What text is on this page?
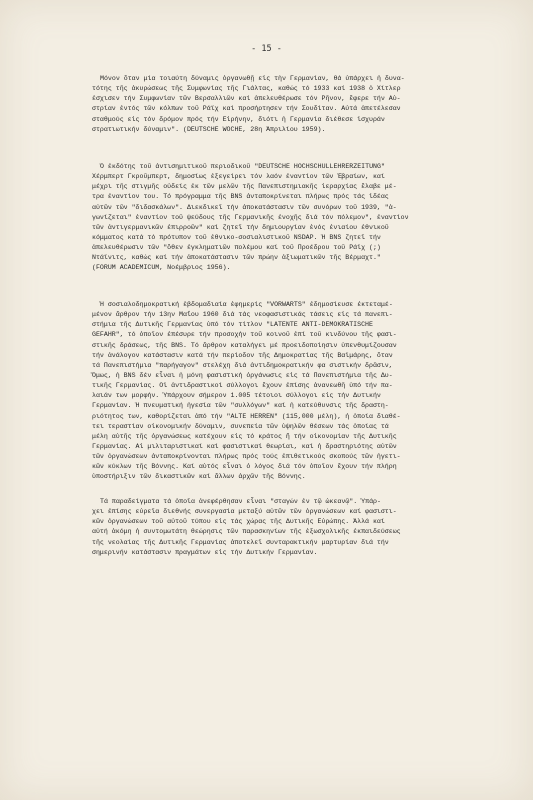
- 15 -
Μόνον ὅταν μία τοιαύτη δύναμις ὀργανωθῇ εἰς τὴν Γερμανίαν, θά ὑπάρχει ἡ δυνα-
τότης τῆς ἀκυρώσεως τῆς Συμφωνίας τῆς Γιάλτας, καθώς τό 1933 καί 1938 ὁ Χίτλερ
ἐσχισεν τήν Συμφωνίαν τῶν Βερσαλλιῶν καί ἀπελευθέρωσε τόν Ρῆνον, ἔφερε τήν Αὐ-
στρίαν ἐντός τῶν κόλπων τοῦ Ράϊχ καί προσήρτησεν τήν Σουδίταν. Αὐτά ἀπετέλεσαν
σταθμούς εἰς τόν δρόμον πρός τήν Εἰρήνην, διότι ἡ Γερμανία διέθεσε ἰσχυράν
στρατιωτικήν δύναμιν". (DEUTSCHE WOCHE, 28η Ἀπριλίου 1959).
Ὁ ἐκδότης τοῦ ἀντισημιτικοῦ περιοδικοῦ "DEUTSCHE HOCHSCHULLEHRERZEITUNG"
Χέρμπερτ Γκροῦμπερτ, δημοσίως ἐξεγείρει τόν λαόν ἐναντίον τῶν Ἑβραίων, καί
μέχρι τῆς στιγμῆς οὐδείς ἐκ τῶν μελῶν τῆς Πανεπιστημιακῆς ἱεραρχίας ἔλαβε μέ-
τρα ἐναντίον του. Τό πρόγραμμα τῆς BNS ἀνταποκρίνεται πλήρως πρός τάς ἰδέας
αὐτῶν τῶν "διδασκάλων". Διεκδικεῖ τήν ἀποκατάστασιν τῶν συνόρων τοῦ 1939, "ἀ-
γωνίζεται" ἐναντίον τοῦ ψεύδους τῆς Γερμανικῆς ἐνοχῆς διά τόν πόλεμον", ἐναντίον
τῶν ἀντιγερμανικῶν ἐπιρροῶν" καί ζητεῖ τήν δημιουργίαν ἑνός ἑνιαίου ἐθνικοῦ
κόμματος κατά τό πρότυπον τοῦ ἐθνικο-σοσιαλιστικοῦ NSDAP. Ἡ BNS ζητεῖ τήν
ἀπελευθέρωσιν τῶν "ὅθεν ἐγκληματιῶν πολέμου καί τοῦ Προέδρου τοῦ Ράϊχ (;)
Ντάϊνιτς, καθώς καί τήν ἀποκατάστασιν τῶν πρώην ἀξιωματικῶν τῆς Βέρμαχτ."
(FORUM ACADEMICUM, Νοέμβριος 1956).
Ἡ σοσιαλοδημοκρατική ἑβδομαδιαία ἐφημερίς "VORWARTS" ἐδημοσίευσε ἐκτεταμέ-
μένον ἄρθρον τήν 13ην Μαΐου 1960 διά τάς νεοφασιστικάς τάσεις εἰς τά πανεπι-
στήμια τῆς Δυτικῆς Γερμανίας ὑπό τόν τίτλον "LATENTE ANTI-DEMOKRATISCHE
GEFAHR", τό ὁποῖον ἐπέσυρε τήν προσοχήν τοῦ κοινοῦ ἐπί τοῦ κινδύνου τῆς φασι-
στικῆς δράσεως, τῆς BNS. Τό ἄρθρον καταλήγει μέ προειδοποίησιν ὑπενθυμίζουσαν
τήν ἀνάλογον κατάστασιν κατά τήν περίοδον τῆς Δημοκρατίας τῆς Βαϊμάρης, ὅταν
τά Πανεπιστήμια "παρήγαγον" στελέχη διά ἀντιδημοκρατικήν φα σιστικήν δρᾶσιν,
Ὅμως, ἡ BNS δέν εἶναι ἡ μόνη φασιστική ὀργάνωσις εἰς τά Πανεπιστήμια τῆς Δυ-
τικῆς Γερμανίας. Οἱ ἀντιδραστικοί σύλλογοι ἔχουν ἐπίσης ἀνανεωθῆ ὑπό τήν πα-
λαιάν των μορφήν. Ὑπάρχουν σήμερον 1.005 τέτοιοι σύλλογοι εἰς τήν Δυτικήν
Γερμανίαν. Ἡ πνευματική ἡγεσία τῶν "συλλόγων" καί ἡ κατεύθυνσις τῆς δραστη-
ριότητος των, καθορίζεται ἀπό τήν "ALTE HERREN" (115,000 μέλη), ἡ ὁποία διαθέ-
τει τεραστίαν οἰκονομικήν δύναμιν, συνεπεία τῶν ὑψηλῶν θέσεων τάς ὁποίας τά
μέλη αὐτῆς τῆς ὀργανώσεως κατέχουν εἰς τό κράτος ἤ τήν οἰκονομίαν τῆς Δυτικῆς
Γερμανίας. Αἱ μιλιταριστικαί καί φασιστικαί θεωρίαι, καί ἡ δραστηριότης αὐτῶν
τῶν ὀργανώσεων ἀνταποκρίνονται πλήρως πρός τούς ἐπιθετικούς σκοπούς τῶν ἡγετι-
κῶν κύκλων τῆς Βόννης. Καί αὐτός εἶναι ὁ λόγος διά τόν ὁποῖον ἔχουν τήν πλήρη
ὑποστήριξιν τῶν δικαστικῶν καί ἄλλων ἀρχῶν τῆς Βόννης.
Τά παραδείγματα τά ὁποῖα ἀνεφέρθησαν εἶναι "σταγών ἐν τῷ ὠκεανῷ". Ὑπάρ-
χει ἐπίσης εὐρεῖα διεθνής συνεργασία μεταξύ αὐτῶν τῶν ὀργανώσεων καί φασιστι-
κῶν ὀργανώσεων τοῦ αὐτοῦ τύπου εἰς τάς χώρας τῆς Δυτικῆς Εὐρώπης. Ἀλλά καί
αὐτή ἀκόμη ἡ συντομωτάτη θεώρησις τῶν παρασκηνίων τῆς ἐξωσχολικῆς ἐκπαιδεύσεως
τῆς νεολαίας τῆς Δυτικῆς Γερμανίας ἀποτελεῖ συνταρακτικήν μαρτυρίαν διά τήν
σημερινήν κατάστασιν πραγμάτων εἰς τήν Δυτικήν Γερμανίαν.
